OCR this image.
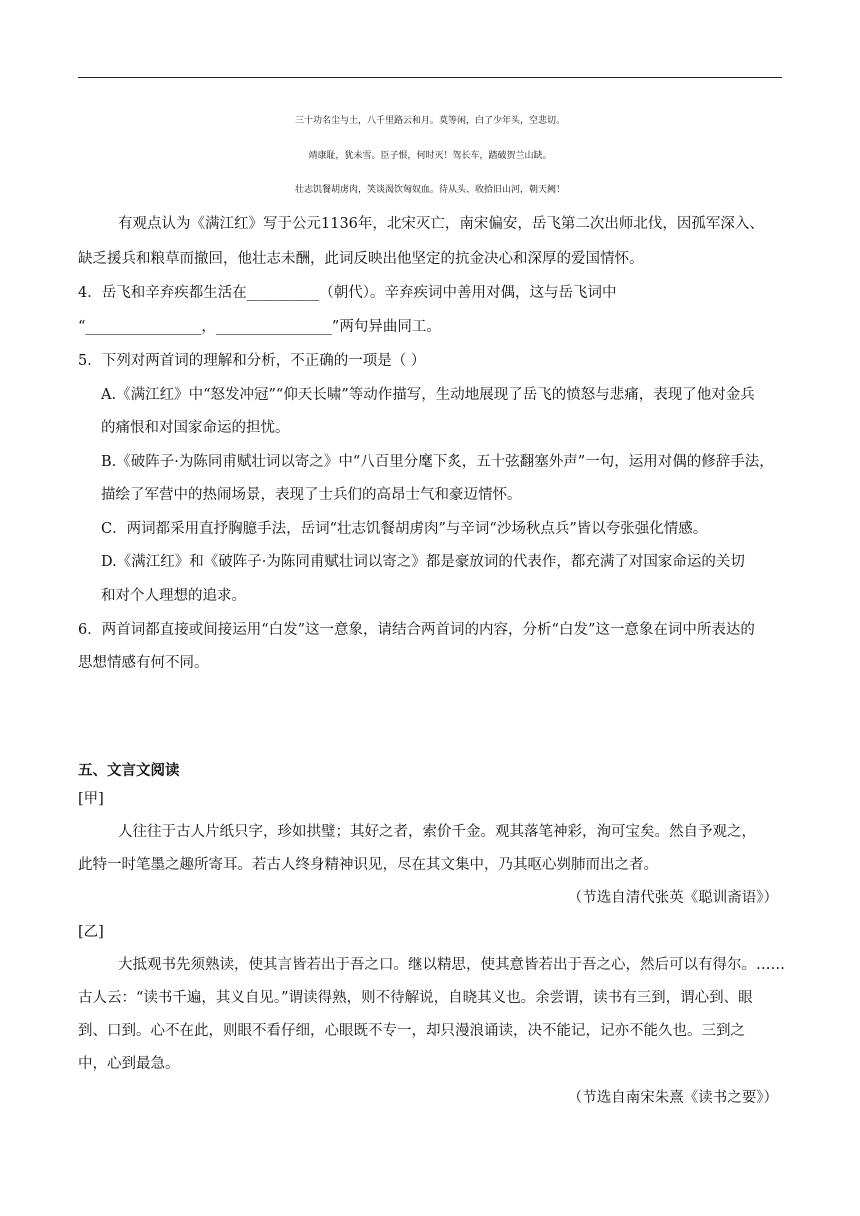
三十功名尘与土，八千里路云和月。莫等闲，白了少年头，空悲切。
靖康耻，犹未雪。臣子恨，何时灭！驾长车，踏破贺兰山缺。
壮志饥餐胡虏肉，笑谈渴饮匈奴血。待从头、收拾旧山河，朝天阙！
有观点认为《满江红》写于公元1136年，北宋灭亡，南宋偏安，岳飞第二次出师北伐，因孤军深入、
缺乏援兵和粮草而撤回，他壮志未酬，此词反映出他坚定的抗金决心和深厚的爱国情怀。
4．岳飞和辛弃疾都生活在__________（朝代）。辛弃疾词中善用对偶，这与岳飞词中
“________________，________________”两句异曲同工。
5．下列对两首词的理解和分析，不正确的一项是（ ）
A.《满江红》中“怒发冲冠”“仰天长啸”等动作描写，生动地展现了岳飞的愤怒与悲痛，表现了他对金兵
的痛恨和对国家命运的担忧。
B.《破阵子·为陈同甫赋壮词以寄之》中“八百里分麾下炙，五十弦翻塞外声”一句，运用对偶的修辞手法，
描绘了军营中的热闹场景，表现了士兵们的高昂士气和豪迈情怀。
C．两词都采用直抒胸臆手法，岳词“壮志饥餐胡虏肉”与辛词“沙场秋点兵”皆以夸张强化情感。
D.《满江红》和《破阵子·为陈同甫赋壮词以寄之》都是豪放词的代表作，都充满了对国家命运的关切
和对个人理想的追求。
6．两首词都直接或间接运用“白发”这一意象，请结合两首词的内容，分析“白发”这一意象在词中所表达的
思想情感有何不同。
五、文言文阅读
[甲]
人往往于古人片纸只字，珍如拱璧；其好之者，索价千金。观其落笔神彩，洵可宝矣。然自予观之，
此特一时笔墨之趣所寄耳。若古人终身精神识见，尽在其文集中，乃其呕心刿肺而出之者。
（节选自清代张英《聪训斋语》）
[乙]
大抵观书先须熟读，使其言皆若出于吾之口。继以精思，使其意皆若出于吾之心，然后可以有得尔。……
古人云：“读书千遍，其义自见。”谓读得熟，则不待解说，自晓其义也。余尝谓，读书有三到，谓心到、眼
到、口到。心不在此，则眼不看仔细，心眼既不专一，却只漫浪诵读，决不能记，记亦不能久也。三到之
中，心到最急。
（节选自南宋朱熹《读书之要》）
